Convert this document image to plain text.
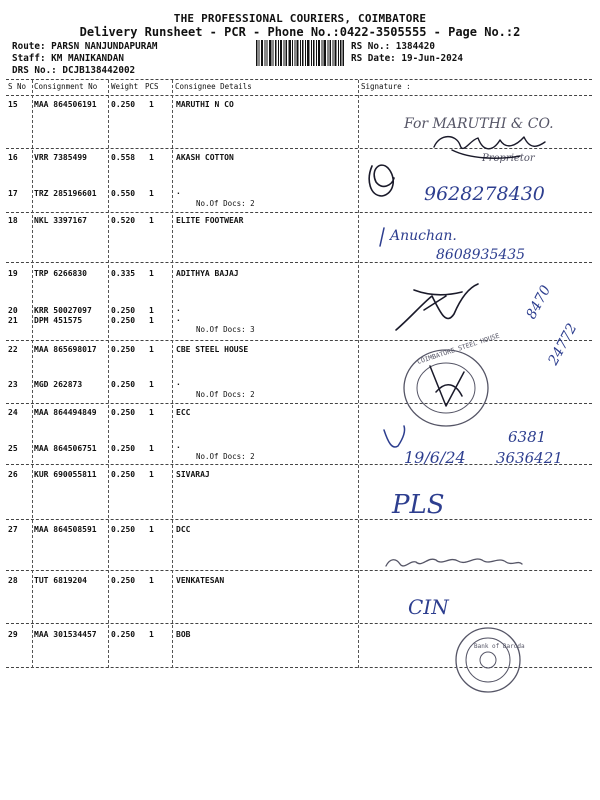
THE PROFESSIONAL COURIERS, COIMBATORE
Delivery Runsheet - PCR - Phone No.:0422-3505555 - Page No.:2
Route: PARSN NANJUNDAPURAM
Staff: KM MANIKANDAN
DRS No.: DCJB138442002
RS No.: 1384420
RS Date: 19-Jun-2024
S No Consignment No Weight PCS Consignee Details	Signature :
15 MAA 864506191 0.250 1	MARUTHI N CO
16 VRR 7385499	0.558 1	AKASH COTTON
17 TRZ 285196601 0.550 1	.
No.Of Docs: 2
18 NKL 3397167	0.520 1	ELITE FOOTWEAR
19 TRP 6266830	0.335 1	ADITHYA BAJAJ
20 KRR 50027097 0.250 1	.
21 DPM 451575	0.250 1	.
No.Of Docs: 3
22 MAA 865698017 0.250 1	CBE STEEL HOUSE
23 MGD 262873	0.250 1	.
No.Of Docs: 2
24 MAA 864494849 0.250 1	ECC
25 MAA 864506751 0.250 1	.
No.Of Docs: 2
26 KUR 690055811 0.250 1	SIVARAJ
27 MAA 864508591 0.250 1	DCC
28 TUT 6819204	0.250 1	VENKATESAN
29 MAA 301534457 0.250 1	BOB
For MARUTHI & CO.
Proprietor
9628278430
Anuchan.
8608935435
8470
24772
COIMBATORE STEEL HOUSE
19/6/24
6381
3636421
PLS
CIN
Bank of Baroda
